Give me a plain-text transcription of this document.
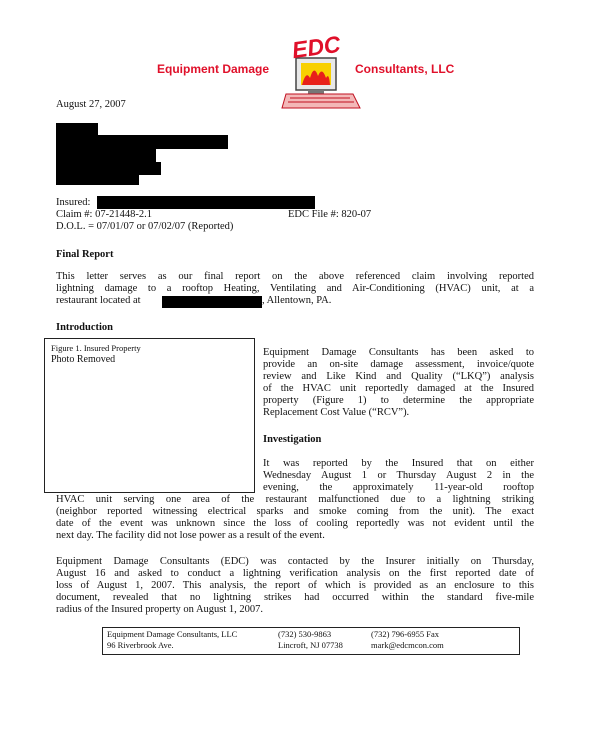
Equipment Damage
EDC
Consultants, LLC
August 27, 2007
Insured:
Claim #: 07-21448-2.1	EDC File #: 820-07
D.O.L. = 07/01/07 or 07/02/07 (Reported)
Final Report
This letter serves as our final report on the above referenced claim involving reported
lightning damage to a rooftop Heating, Ventilating and Air-Conditioning (HVAC) unit, at a
restaurant located at	, Allentown, PA.
Introduction
Figure 1. Insured Property
Photo Removed
Equipment Damage Consultants has been asked to
provide an on-site damage assessment, invoice/quote
review and Like Kind and Quality (“LKQ”) analysis
of the HVAC unit reportedly damaged at the Insured
property (Figure 1) to determine the appropriate
Replacement Cost Value (“RCV”).
Investigation
It was reported by the Insured that on either
Wednesday August 1 or Thursday August 2 in the
evening, the approximately 11-year-old rooftop
HVAC unit serving one area of the restaurant malfunctioned due to a lightning striking
(neighbor reported witnessing electrical sparks and smoke coming from the unit). The exact
date of the event was unknown since the loss of cooling reportedly was not evident until the
next day. The facility did not lose power as a result of the event.
Equipment Damage Consultants (EDC) was contacted by the Insurer initially on Thursday,
August 16 and asked to conduct a lightning verification analysis on the first reported date of
loss of August 1, 2007. This analysis, the report of which is provided as an enclosure to this
document, revealed that no lightning strikes had occurred within the standard five-mile
radius of the Insured property on August 1, 2007.
Equipment Damage Consultants, LLC	(732) 530-9863	(732) 796-6955 Fax
96 Riverbrook Ave.	Lincroft, NJ 07738	mark@edcmcon.com
